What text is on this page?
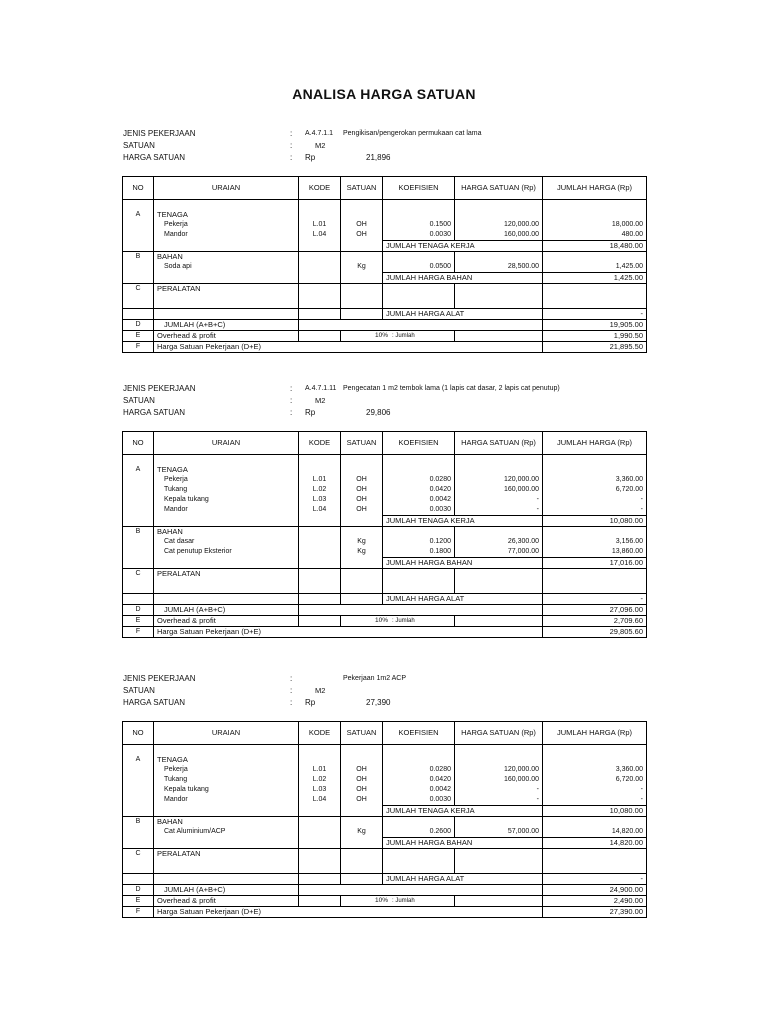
ANALISA HARGA SATUAN
JENIS PEKERJAAN	: A.4.7.1.1 Pengikisan/pengerokan permukaan cat lama
SATUAN	:	M2
HARGA SATUAN	: Rp	21,896
NO	URAIAN	KODE	SATUAN	KOEFISIEN	HARGA SATUAN (Rp)	JUMLAH HARGA (Rp)

A	TENAGA					
	Pekerja	L.01	OH	0.1500	120,000.00	18,000.00
	Mandor	L.04	OH	0.0030	160,000.00	480.00
				JUMLAH TENAGA KERJA		18,480.00
B	BAHAN					
	Soda api		Kg	0.0500	28,500.00	1,425.00
				JUMLAH HARGA BAHAN		1,425.00
C	PERALATAN					

				JUMLAH HARGA ALAT		-
D	JUMLAH (A+B+C)					19,905.00
E	Overhead & profit		10% : Jumlah			1,990.50
F	Harga Satuan Pekerjaan (D+E)					21,895.50
JENIS PEKERJAAN	: A.4.7.1.11 Pengecatan 1 m2 tembok lama (1 lapis cat dasar, 2 lapis cat penutup)
SATUAN	:	M2
HARGA SATUAN	: Rp	29,806
NO	URAIAN	KODE	SATUAN	KOEFISIEN	HARGA SATUAN (Rp)	JUMLAH HARGA (Rp)

A	TENAGA					
	Pekerja	L.01	OH	0.0280	120,000.00	3,360.00
	Tukang	L.02	OH	0.0420	160,000.00	6,720.00
	Kepala tukang	L.03	OH	0.0042	-	-
	Mandor	L.04	OH	0.0030	-	-
				JUMLAH TENAGA KERJA		10,080.00
B	BAHAN					
	Cat dasar		Kg	0.1200	26,300.00	3,156.00
	Cat penutup Eksterior		Kg	0.1800	77,000.00	13,860.00
				JUMLAH HARGA BAHAN		17,016.00
C	PERALATAN					

				JUMLAH HARGA ALAT		-
D	JUMLAH (A+B+C)					27,096.00
E	Overhead & profit		10% : Jumlah			2,709.60
F	Harga Satuan Pekerjaan (D+E)					29,805.60
JENIS PEKERJAAN	:	Pekerjaan 1m2 ACP
SATUAN	:	M2
HARGA SATUAN	: Rp	27,390
NO	URAIAN	KODE	SATUAN	KOEFISIEN	HARGA SATUAN (Rp)	JUMLAH HARGA (Rp)

A	TENAGA					
	Pekerja	L.01	OH	0.0280	120,000.00	3,360.00
	Tukang	L.02	OH	0.0420	160,000.00	6,720.00
	Kepala tukang	L.03	OH	0.0042	-	-
	Mandor	L.04	OH	0.0030	-	-
				JUMLAH TENAGA KERJA		10,080.00
B	BAHAN					
	Cat Aluminium/ACP		Kg	0.2600	57,000.00	14,820.00
				JUMLAH HARGA BAHAN		14,820.00
C	PERALATAN					

				JUMLAH HARGA ALAT		-
D	JUMLAH (A+B+C)					24,900.00
E	Overhead & profit		10% : Jumlah			2,490.00
F	Harga Satuan Pekerjaan (D+E)					27,390.00
